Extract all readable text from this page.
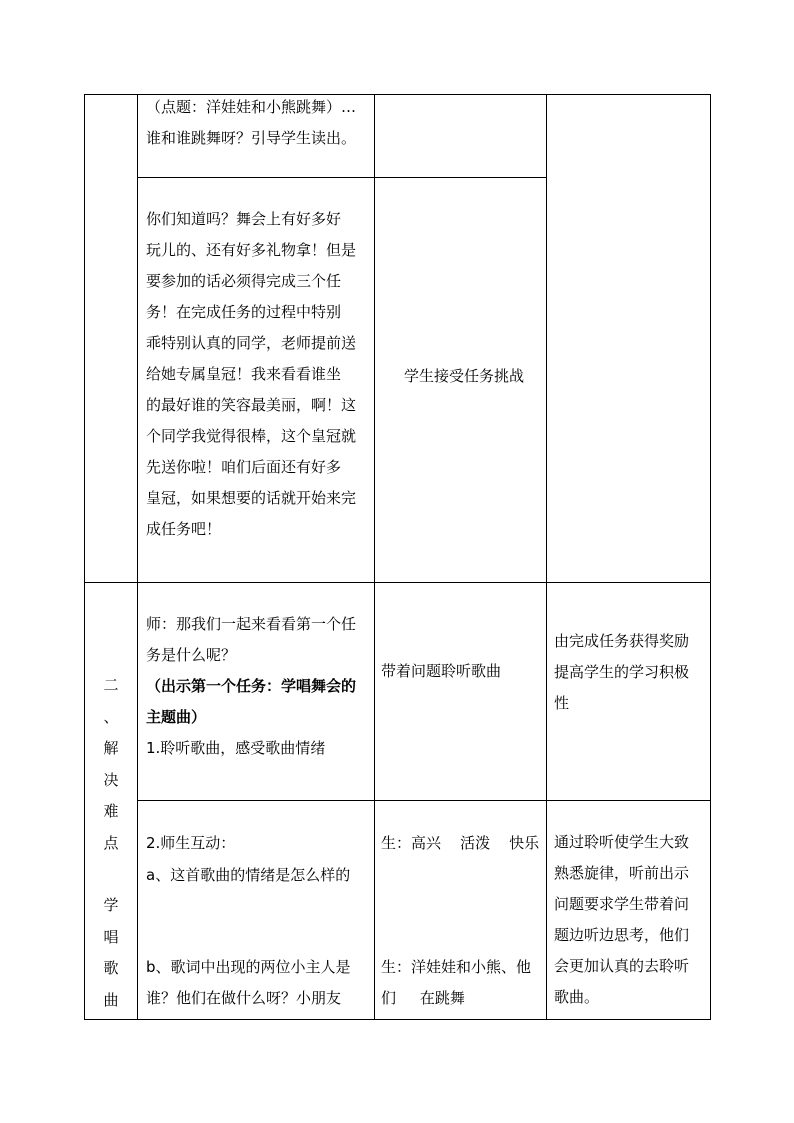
（点题：洋娃娃和小熊跳舞）…

谁和谁跳舞呀？引导学生读出。

你们知道吗？舞会上有好多好

玩儿的、还有好多礼物拿！但是

要参加的话必须得完成三个任

务！在完成任务的过程中特别

乖特别认真的同学，老师提前送

给她专属皇冠！我来看看谁坐

的最好谁的笑容最美丽，啊！这

个同学我觉得很棒，这个皇冠就

先送你啦！咱们后面还有好多

皇冠，如果想要的话就开始来完

成任务吧！

学生接受任务挑战

师：那我们一起来看看第一个任

务是什么呢？

（出示第一个任务：学唱舞会的

主题曲）

1.聆听歌曲，感受歌曲情绪

带着问题聆听歌曲

由完成任务获得奖励

提高学生的学习积极

性

2.师生互动：

a、这首歌曲的情绪是怎么样的

b、歌词中出现的两位小主人是

谁？他们在做什么呀？小朋友

生：高兴    活泼    快乐

生：洋娃娃和小熊、他

们     在跳舞

通过聆听使学生大致

熟悉旋律，听前出示

问题要求学生带着问

题边听边思考，他们

会更加认真的去聆听

歌曲。

二

、

解

决

难

点

学

唱

歌

曲
